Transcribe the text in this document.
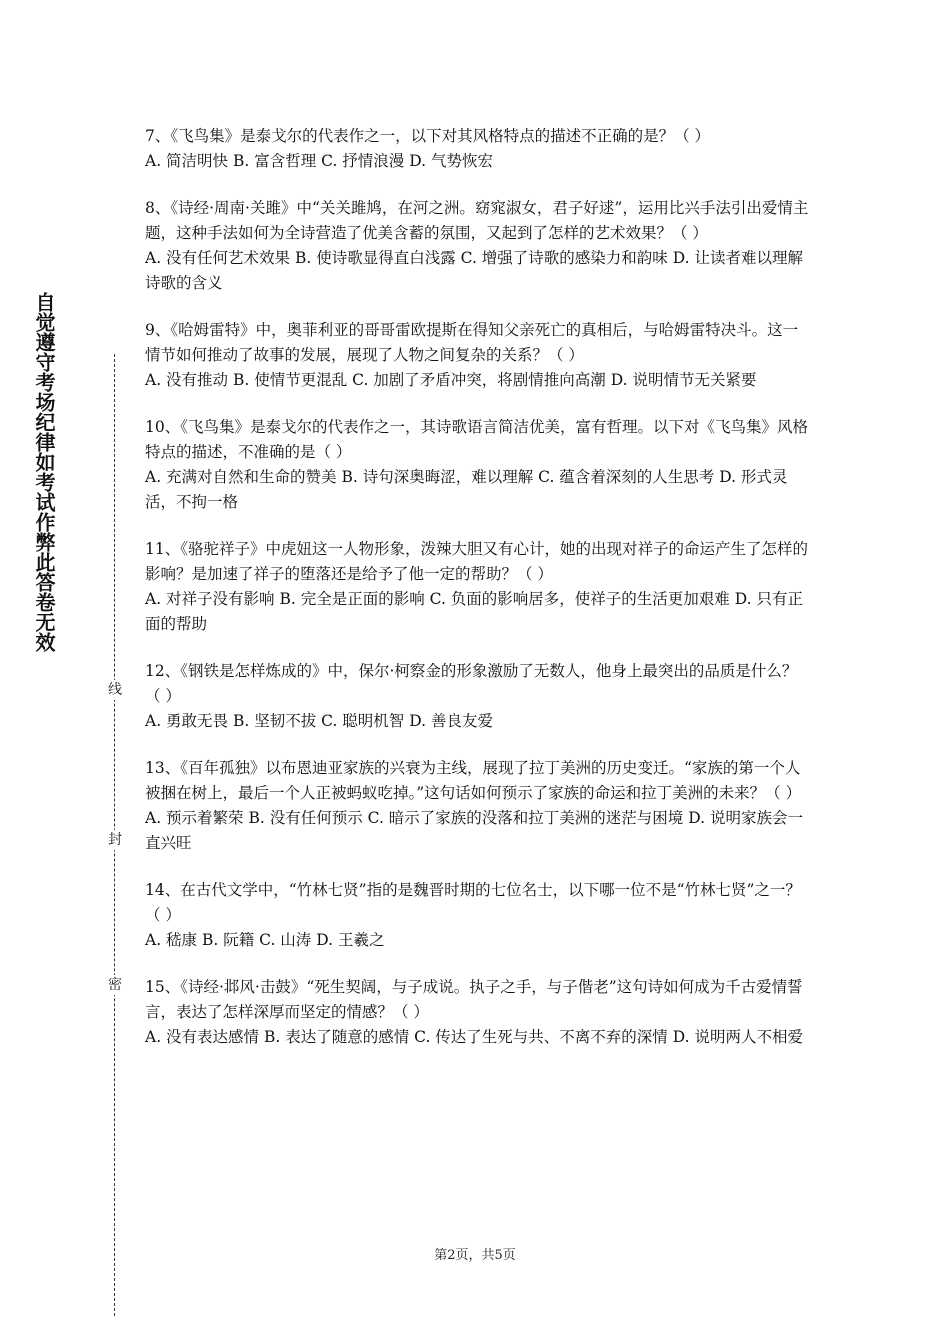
自觉遵守考场纪律如考试作弊此答卷无效
线
封
密

7、《飞鸟集》是泰戈尔的代表作之一，以下对其风格特点的描述不正确的是？（ ）

A. 简洁明快 B. 富含哲理 C. 抒情浪漫 D. 气势恢宏

8、《诗经·周南·关雎》中“关关雎鸠，在河之洲。窈窕淑女，君子好逑”，运用比兴手法引出爱情主题，这种手法如何为全诗营造了优美含蓄的氛围，又起到了怎样的艺术效果？（ ）

A. 没有任何艺术效果 B. 使诗歌显得直白浅露 C. 增强了诗歌的感染力和韵味 D. 让读者难以理解诗歌的含义

9、《哈姆雷特》中，奥菲利亚的哥哥雷欧提斯在得知父亲死亡的真相后，与哈姆雷特决斗。这一情节如何推动了故事的发展，展现了人物之间复杂的关系？（ ）

A. 没有推动 B. 使情节更混乱 C. 加剧了矛盾冲突，将剧情推向高潮 D. 说明情节无关紧要

10、《飞鸟集》是泰戈尔的代表作之一，其诗歌语言简洁优美，富有哲理。以下对《飞鸟集》风格特点的描述，不准确的是（ ）

A. 充满对自然和生命的赞美 B. 诗句深奥晦涩，难以理解 C. 蕴含着深刻的人生思考 D. 形式灵活，不拘一格

11、《骆驼祥子》中虎妞这一人物形象，泼辣大胆又有心计，她的出现对祥子的命运产生了怎样的影响？是加速了祥子的堕落还是给予了他一定的帮助？（ ）

A. 对祥子没有影响 B. 完全是正面的影响 C. 负面的影响居多，使祥子的生活更加艰难 D. 只有正面的帮助

12、《钢铁是怎样炼成的》中，保尔·柯察金的形象激励了无数人，他身上最突出的品质是什么？（ ）

A. 勇敢无畏 B. 坚韧不拔 C. 聪明机智 D. 善良友爱

13、《百年孤独》以布恩迪亚家族的兴衰为主线，展现了拉丁美洲的历史变迁。“家族的第一个人被捆在树上，最后一个人正被蚂蚁吃掉。”这句话如何预示了家族的命运和拉丁美洲的未来？（ ）

A. 预示着繁荣 B. 没有任何预示 C. 暗示了家族的没落和拉丁美洲的迷茫与困境 D. 说明家族会一直兴旺

14、在古代文学中，“竹林七贤”指的是魏晋时期的七位名士，以下哪一位不是“竹林七贤”之一？（ ）

A. 嵇康 B. 阮籍 C. 山涛 D. 王羲之

15、《诗经·邶风·击鼓》“死生契阔，与子成说。执子之手，与子偕老”这句诗如何成为千古爱情誓言，表达了怎样深厚而坚定的情感？（ ）

A. 没有表达感情 B. 表达了随意的感情 C. 传达了生死与共、不离不弃的深情 D. 说明两人不相爱

第2页，共5页
